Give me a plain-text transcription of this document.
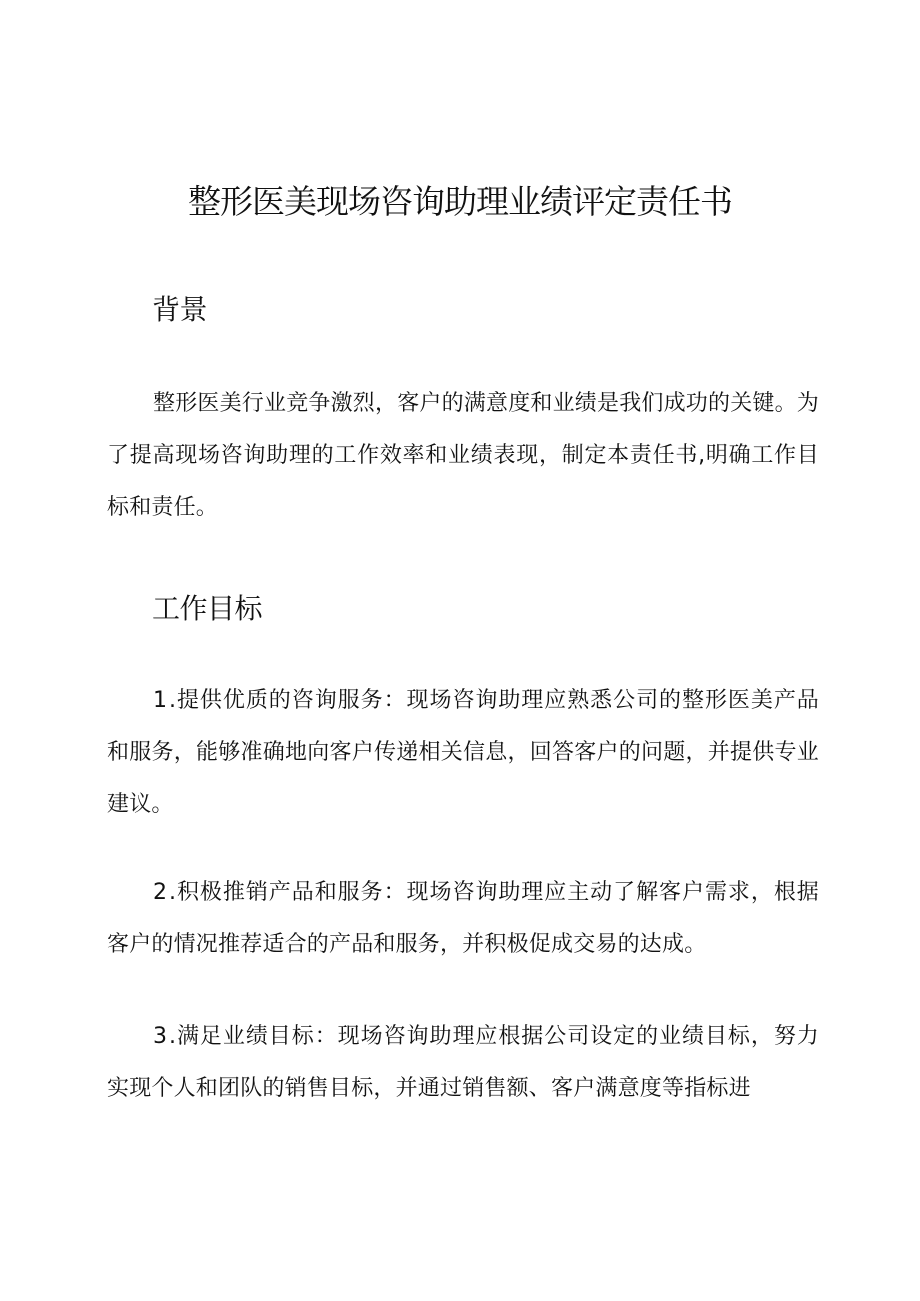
整形医美现场咨询助理业绩评定责任书
背景

整形医美行业竞争激烈，客户的满意度和业绩是我们成功的关键。为了提高现场咨询助理的工作效率和业绩表现，制定本责任书,明确工作目标和责任。

工作目标

1.提供优质的咨询服务：现场咨询助理应熟悉公司的整形医美产品和服务，能够准确地向客户传递相关信息，回答客户的问题，并提供专业建议。

2.积极推销产品和服务：现场咨询助理应主动了解客户需求，根据客户的情况推荐适合的产品和服务，并积极促成交易的达成。

3.满足业绩目标：现场咨询助理应根据公司设定的业绩目标，努力实现个人和团队的销售目标，并通过销售额、客户满意度等指标进
